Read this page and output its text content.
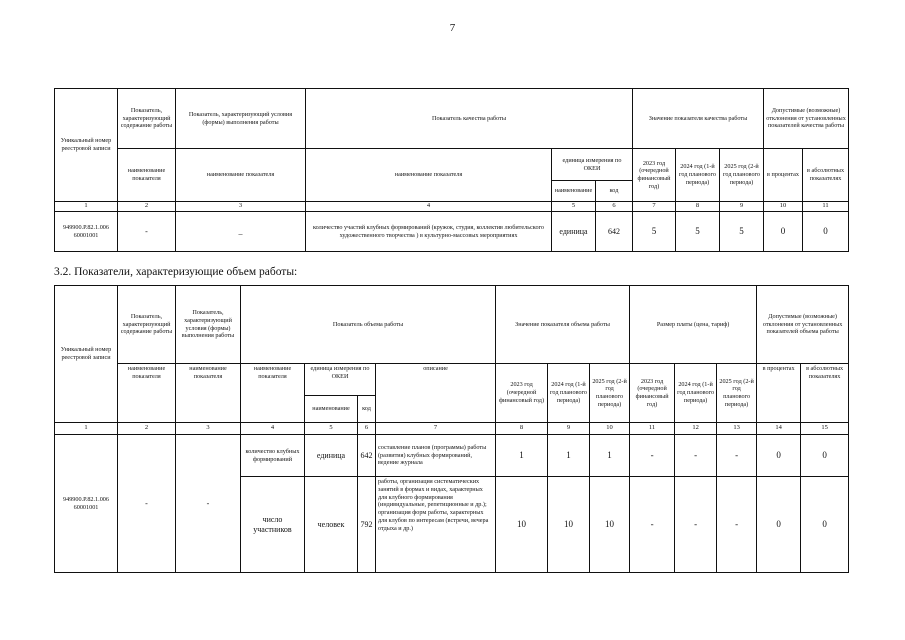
7
Уникальный номер реестровой записи	Показатель, характеризующий содержание работы	Показатель, характеризующий условия (формы) выполнения работы	Показатель качества работы			Значение показателя качества работы			Допустимые (возможные) отклонения от установленных показателей качества работы	
	наименование показателя	наименование показателя	наименование показателя	единица измерения по ОКЕИ		2023 год (очередной финансовый год)	2024 год (1-й год планового периода)	2025 год (2-й год планового периода)	в процентах	в абсолютных показателях
				наименование	код					
1	2	3	4	5	6	7	8	9	10	11
949900.Р.82.1.006 60001001	-	_	количество участий клубных формирований (кружок, студия, коллектив любительского художественного творчества ) в культурно-массовых мероприятиях	единица	642	5	5	5	0	0
3.2. Показатели, характеризующие объем работы:
Уникальный номер реестровой записи	Показатель, характеризующий содержание работы	Показатель, характеризующий условия (формы) выполнения работы	Показатель объема работы				Значение показателя объема работы			Размер платы (цена, тариф)			Допустимые (возможные) отклонения от установленных показателей объема работы	
	наименование показателя	наименование показателя	наименование показателя	единица измерения по ОКЕИ		описание	2023 год (очередной финансовый год)	2024 год (1-й год планового периода)	2025 год (2-й год планового периода)	2023 год (очередной финансовый год)	2024 год (1-й год планового периода)	2025 год (2-й год планового периода)	в процентах	в абсолютных показателях
				наименование	код									
1	2	3	4	5	6	7	8	9	10	11	12	13	14	15
949900.Р.82.1.006 60001001	-	-	количество клубных формирований	единица	642	составление планов (программы) работы (развития) клубных формирований, ведение журнала	1	1	1	-	-	-	0	0
			число участников	человек	792	работы, организация систематических занятий в формах и видах, характерных для клубного формирования (индивидуальные, репетиционные и др.); организация форм работы, характерных для клубов по интересам (встречи, вечера отдыха и др.)	10	10	10	-	-	-	0	0
